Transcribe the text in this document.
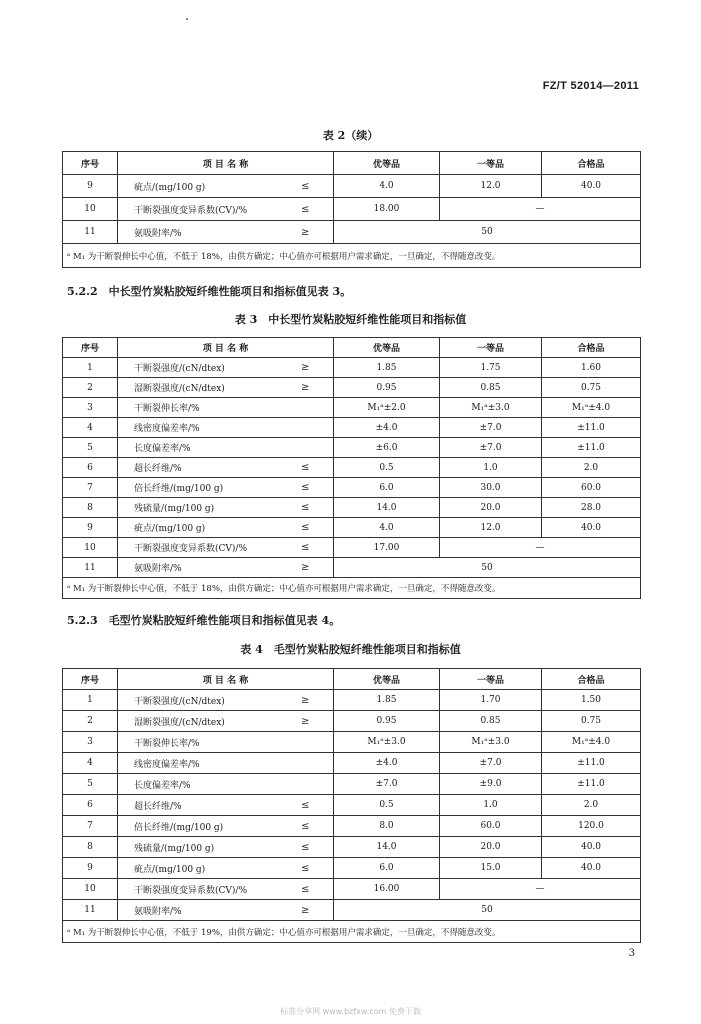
FZ/T 52014—2011
表 2（续）
序号	项 目 名 称		优等品	一等品	合格品
9	疵点/(mg/100 g)	≤	4.0	12.0	40.0
10	干断裂强度变异系数(CV)/%	≤	18.00	—	
11	氨吸附率/%	≥	50		
ᵃ M₁ 为干断裂伸长中心值，不低于 18%，由供方确定；中心值亦可根据用户需求确定，一旦确定，不得随意改变。					
5.2.2　中长型竹炭粘胶短纤维性能项目和指标值见表 3。
表 3　中长型竹炭粘胶短纤维性能项目和指标值
序号	项 目 名 称		优等品	一等品	合格品
1	干断裂强度/(cN/dtex)	≥	1.85	1.75	1.60
2	湿断裂强度/(cN/dtex)	≥	0.95	0.85	0.75
3	干断裂伸长率/%		M₁ᵃ±2.0	M₁ᵃ±3.0	M₁ᵃ±4.0
4	线密度偏差率/%		±4.0	±7.0	±11.0
5	长度偏差率/%		±6.0	±7.0	±11.0
6	超长纤维/%	≤	0.5	1.0	2.0
7	倍长纤维/(mg/100 g)	≤	6.0	30.0	60.0
8	残硫量/(mg/100 g)	≤	14.0	20.0	28.0
9	疵点/(mg/100 g)	≤	4.0	12.0	40.0
10	干断裂强度变异系数(CV)/%	≤	17.00	—	
11	氨吸附率/%	≥	50		
ᵃ M₁ 为干断裂伸长中心值，不低于 18%，由供方确定；中心值亦可根据用户需求确定，一旦确定，不得随意改变。					
5.2.3　毛型竹炭粘胶短纤维性能项目和指标值见表 4。
表 4　毛型竹炭粘胶短纤维性能项目和指标值
序号	项 目 名 称		优等品	一等品	合格品
1	干断裂强度/(cN/dtex)	≥	1.85	1.70	1.50
2	湿断裂强度/(cN/dtex)	≥	0.95	0.85	0.75
3	干断裂伸长率/%		M₁ᵃ±3.0	M₁ᵃ±3.0	M₁ᵃ±4.0
4	线密度偏差率/%		±4.0	±7.0	±11.0
5	长度偏差率/%		±7.0	±9.0	±11.0
6	超长纤维/%	≤	0.5	1.0	2.0
7	倍长纤维/(mg/100 g)	≤	8.0	60.0	120.0
8	残硫量/(mg/100 g)	≤	14.0	20.0	40.0
9	疵点/(mg/100 g)	≤	6.0	15.0	40.0
10	干断裂强度变异系数(CV)/%	≤	16.00	—	
11	氨吸附率/%	≥	50		
ᵃ M₁ 为干断裂伸长中心值，不低于 19%，由供方确定；中心值亦可根据用户需求确定，一旦确定，不得随意改变。					
3
标准分享网 www.bzfxw.com 免费下载
